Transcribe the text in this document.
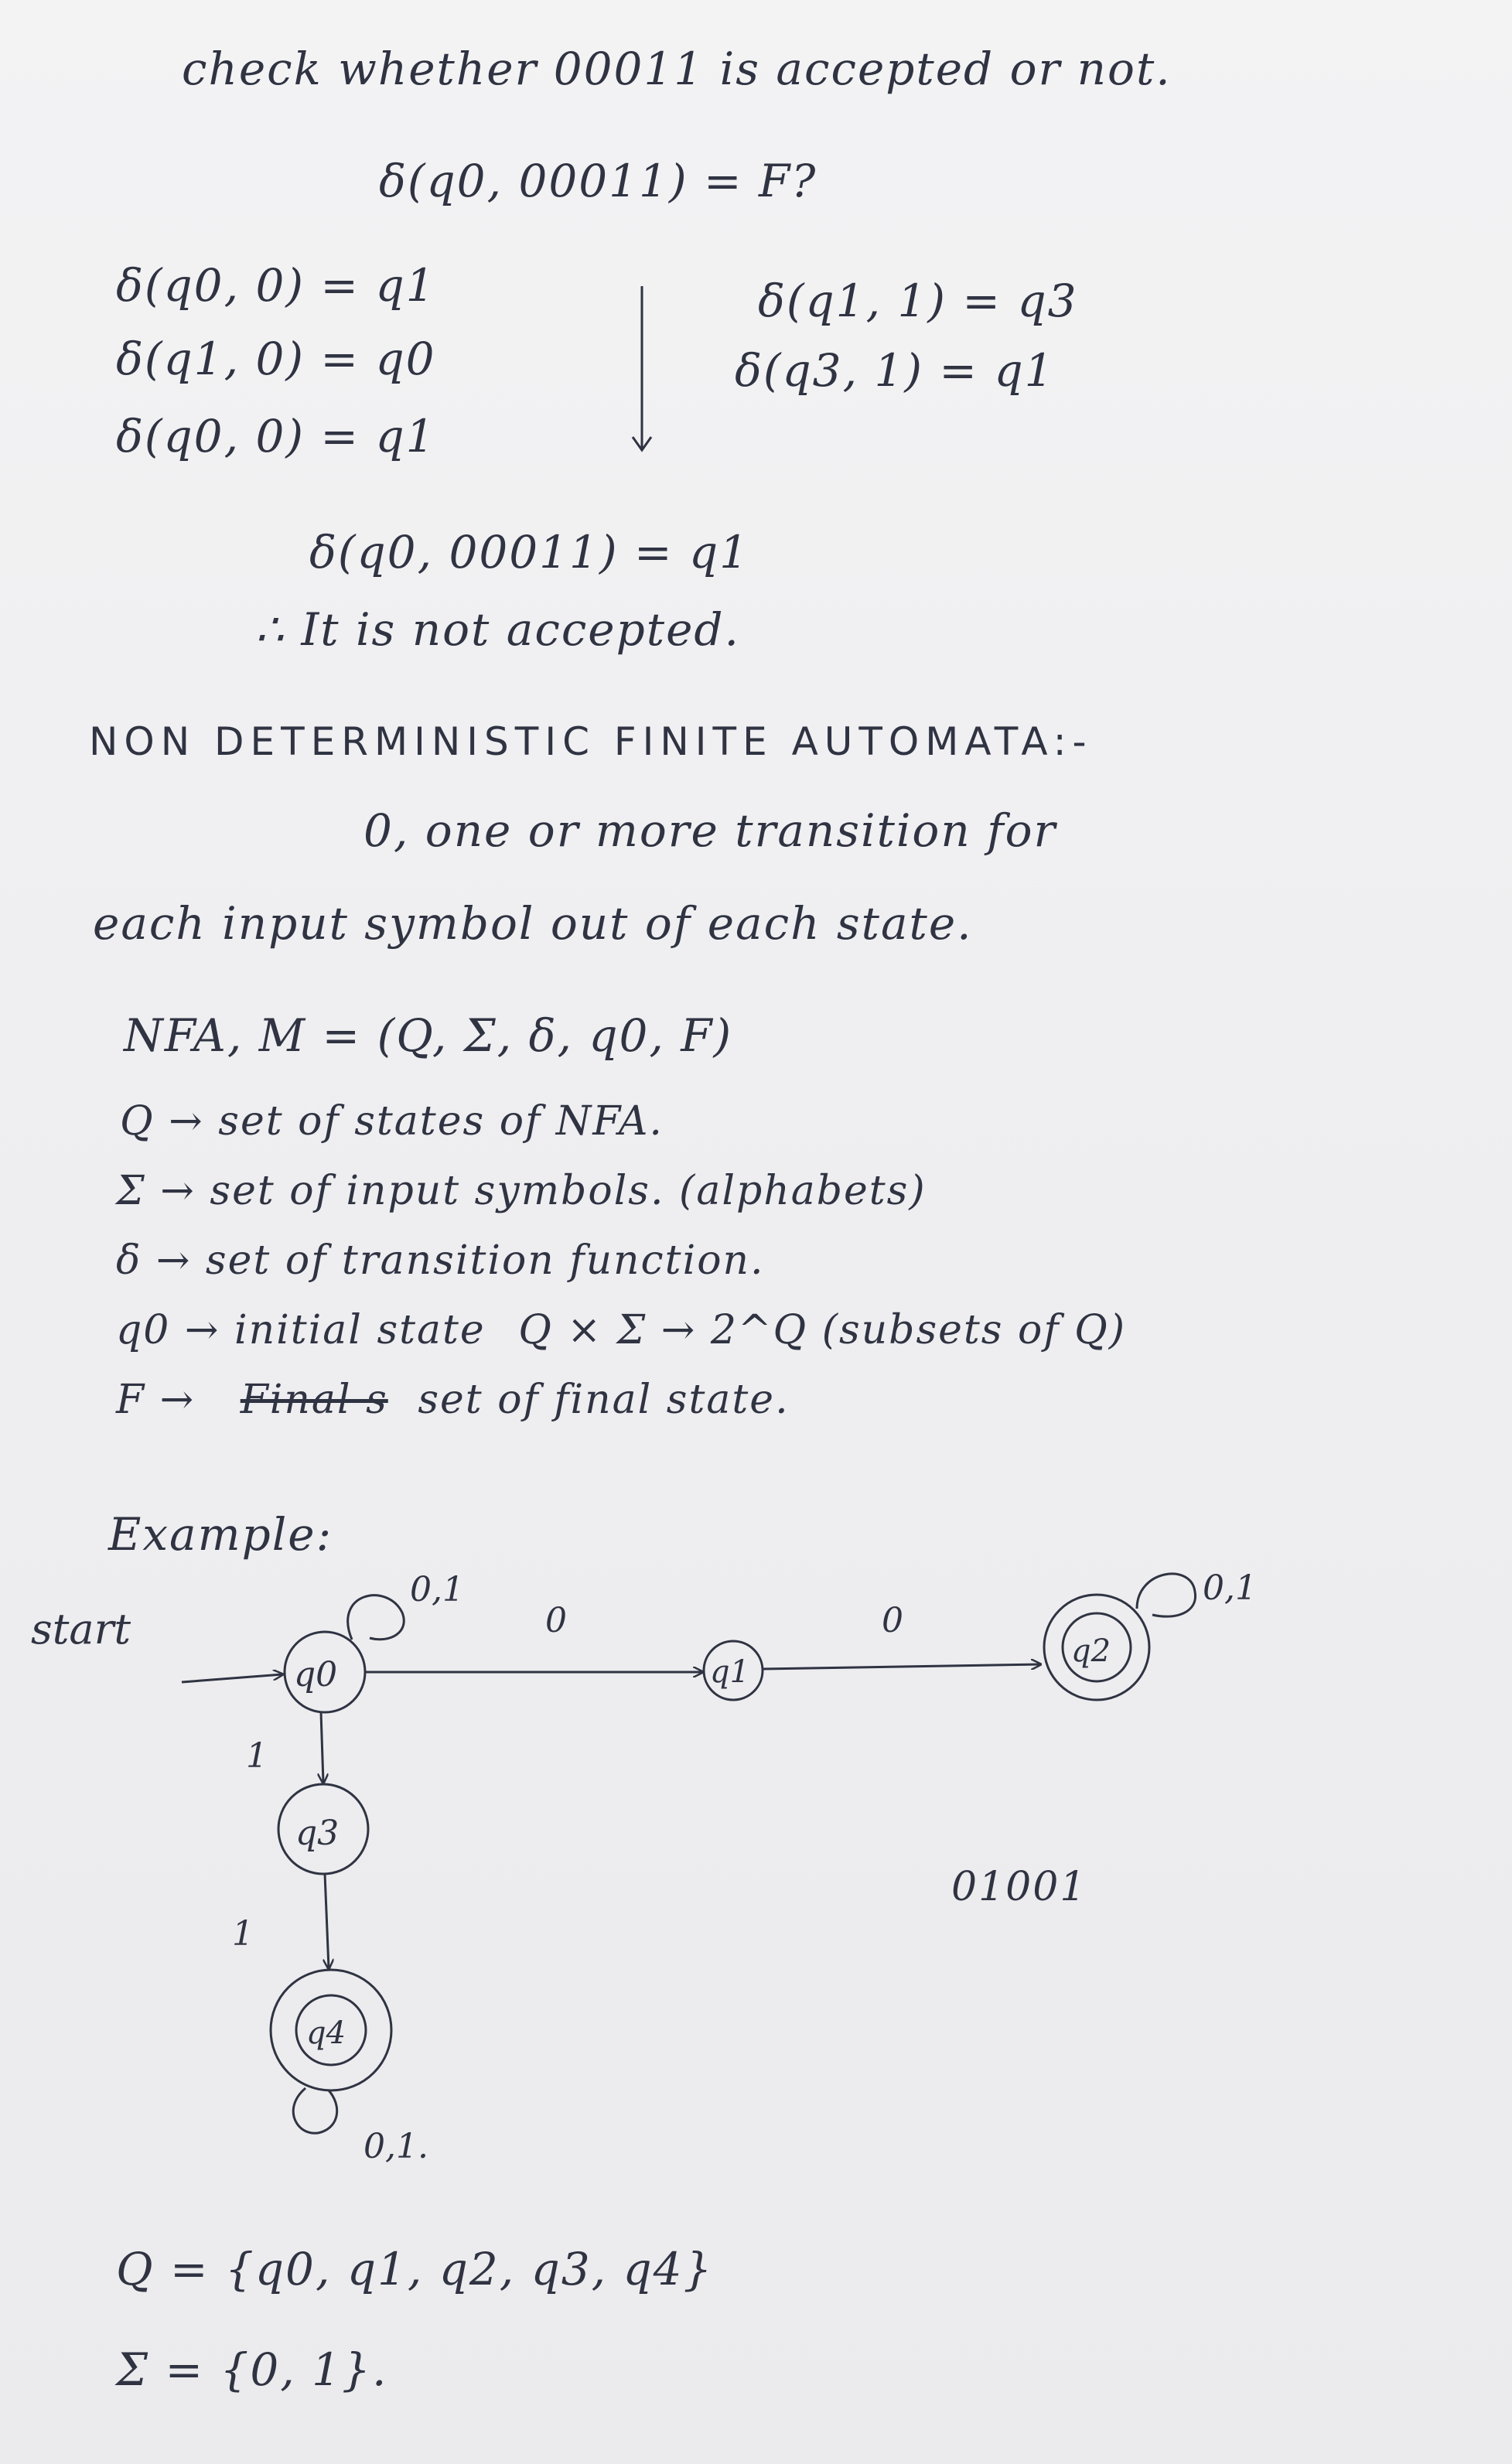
check whether 00011 is accepted or not.
δ(q0, 00011) = F?
δ(q0, 0) = q1
δ(q1, 0) = q0
δ(q0, 0) = q1
δ(q1, 1) = q3
δ(q3, 1) = q1
δ(q0, 00011) = q1
∴ It is not accepted.
NON DETERMINISTIC FINITE AUTOMATA:-
0, one or more transition for
each input symbol out of each state.
NFA, M = (Q, Σ, δ, q0, F)
Q → set of states of NFA.
Σ → set of input symbols. (alphabets)
δ → set of transition function.
q0 → initial state Q × Σ → 2^Q (subsets of Q)
F → Final s set of final state.
Example:
01001
Q = {q0, q1, q2, q3, q4}
Σ = {0, 1}.
start
q0
0,1
0
q1
0
q2
0,1
1
q3
1
q4
0,1.
